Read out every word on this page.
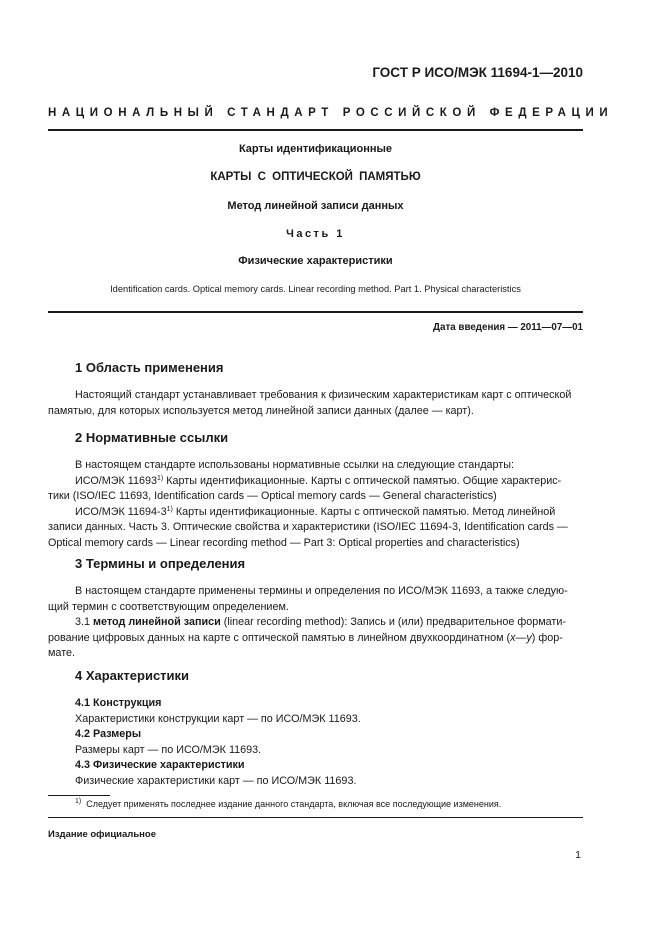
ГОСТ Р ИСО/МЭК 11694-1—2010
НАЦИОНАЛЬНЫЙ СТАНДАРТ РОССИЙСКОЙ ФЕДЕРАЦИИ
Карты идентификационные
КАРТЫ С ОПТИЧЕСКОЙ ПАМЯТЬЮ
Метод линейной записи данных
Часть 1
Физические характеристики
Identification cards. Optical memory cards. Linear recording method. Part 1. Physical characteristics
Дата введения — 2011—07—01
1 Область применения
Настоящий стандарт устанавливает требования к физическим характеристикам карт с оптической
памятью, для которых используется метод линейной записи данных (далее — карт).
2 Нормативные ссылки
В настоящем стандарте использованы нормативные ссылки на следующие стандарты:
ИСО/МЭК 11693$^{1)}$ Карты идентификационные. Карты с оптической памятью. Общие характерис-
тики (ISO/IEC 11693, Identification cards — Optical memory cards — General characteristics)
ИСО/МЭК 11694-3$^{1)}$ Карты идентификационные. Карты с оптической памятью. Метод линейной
записи данных. Часть 3. Оптические свойства и характеристики (ISO/IEC 11694-3, Identification cards —
Optical memory cards — Linear recording method — Part 3: Optical properties and characteristics)
3 Термины и определения
В настоящем стандарте применены термины и определения по ИСО/МЭК 11693, а также следую-
щий термин с соответствующим определением.
3.1 метод линейной записи (linear recording method): Запись и (или) предварительное формати-
рование цифровых данных на карте с оптической памятью в линейном двухкоординатном (х—у) фор-
мате.
4 Характеристики
4.1 Конструкция
Характеристики конструкции карт — по ИСО/МЭК 11693.
4.2 Размеры
Размеры карт — по ИСО/МЭК 11693.
4.3 Физические характеристики
Физические характеристики карт — по ИСО/МЭК 11693.
$^{1)}$ Следует применять последнее издание данного стандарта, включая все последующие изменения.
Издание официальное
1
